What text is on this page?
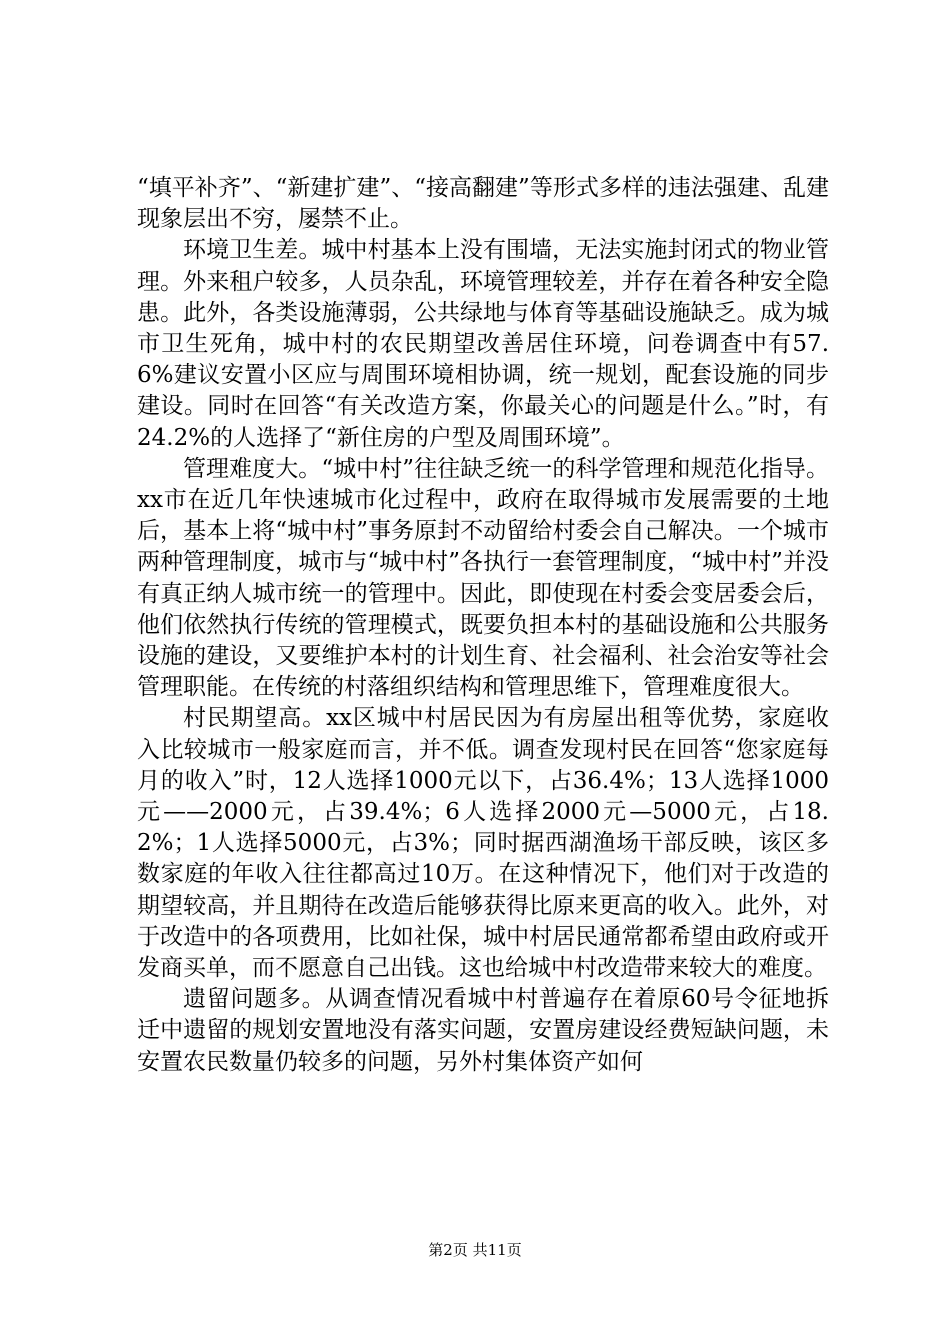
“填平补齐”、“新建扩建”、“接高翻建”等形式多样的违法强建、乱建现象层出不穷，屡禁不止。

环境卫生差。城中村基本上没有围墙，无法实施封闭式的物业管理。外来租户较多，人员杂乱，环境管理较差，并存在着各种安全隐患。此外，各类设施薄弱，公共绿地与体育等基础设施缺乏。成为城市卫生死角，城中村的农民期望改善居住环境，问卷调查中有57.6%建议安置小区应与周围环境相协调，统一规划，配套设施的同步建设。同时在回答“有关改造方案，你最关心的问题是什么。”时，有24.2%的人选择了“新住房的户型及周围环境”。

管理难度大。“城中村”往往缺乏统一的科学管理和规范化指导。xx市在近几年快速城市化过程中，政府在取得城市发展需要的土地后，基本上将“城中村”事务原封不动留给村委会自己解决。一个城市两种管理制度，城市与“城中村”各执行一套管理制度，“城中村”并没有真正纳人城市统一的管理中。因此，即使现在村委会变居委会后，他们依然执行传统的管理模式，既要负担本村的基础设施和公共服务设施的建设，又要维护本村的计划生育、社会福利、社会治安等社会管理职能。在传统的村落组织结构和管理思维下，管理难度很大。

村民期望高。xx区城中村居民因为有房屋出租等优势，家庭收入比较城市一般家庭而言，并不低。调查发现村民在回答“您家庭每月的收入”时，12人选择1000元以下，占36.4%；13人选择1000元——2000元，占39.4%；6人选择2000元—5000元，占18.2%；1人选择5000元，占3%；同时据西湖渔场干部反映，该区多数家庭的年收入往往都高过10万。在这种情况下，他们对于改造的期望较高，并且期待在改造后能够获得比原来更高的收入。此外，对于改造中的各项费用，比如社保，城中村居民通常都希望由政府或开发商买单，而不愿意自己出钱。这也给城中村改造带来较大的难度。

遗留问题多。从调查情况看城中村普遍存在着原60号令征地拆迁中遗留的规划安置地没有落实问题，安置房建设经费短缺问题，未安置农民数量仍较多的问题，另外村集体资产如何

第2页 共11页
